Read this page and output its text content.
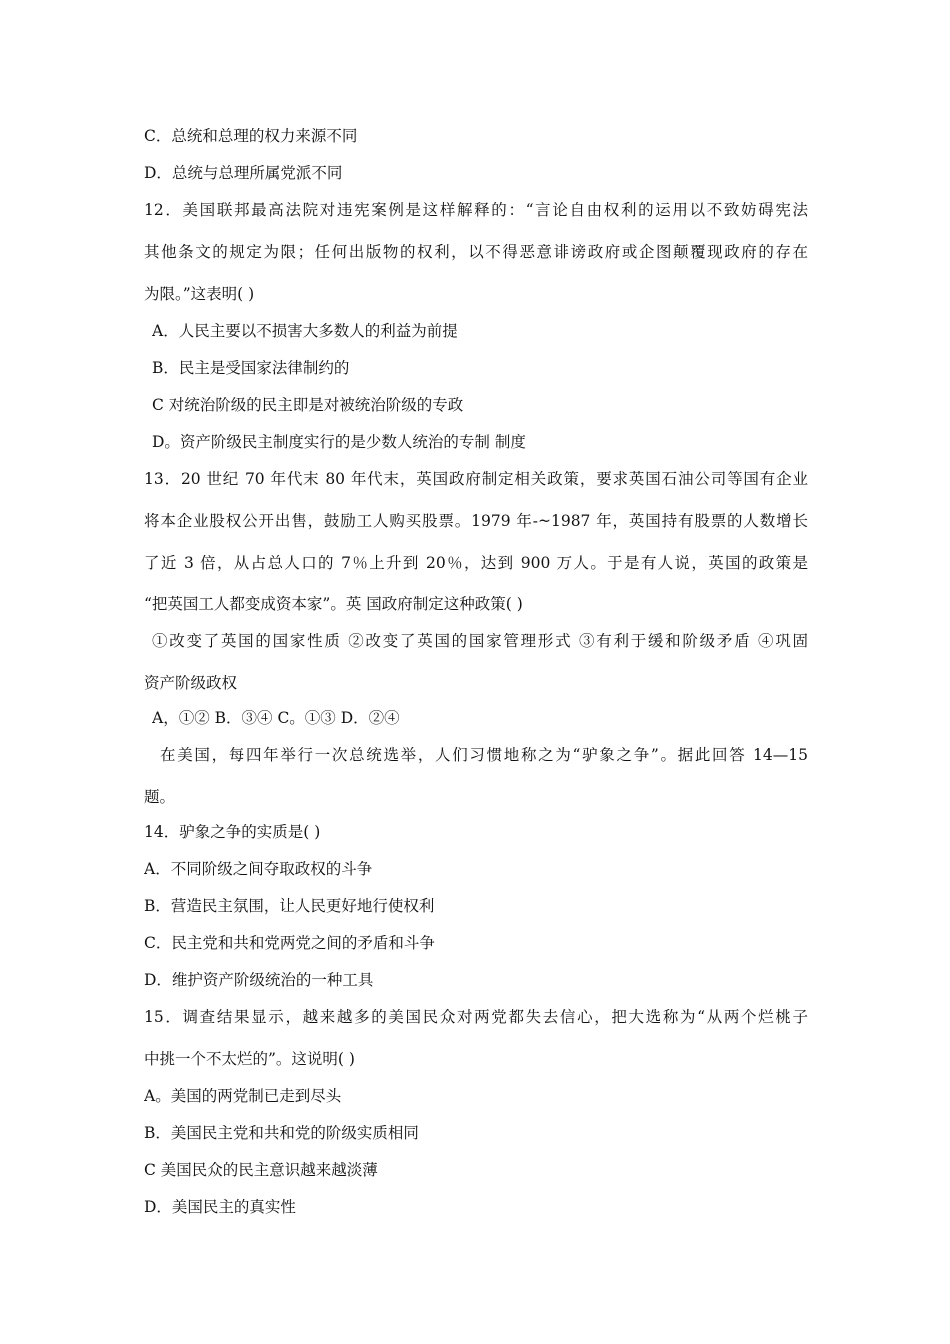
C．总统和总理的权力来源不同
D．总统与总理所属党派不同
12．美国联邦最高法院对违宪案例是这样解释的：“言论自由权利的运用以不致妨碍宪法
其他条文的规定为限；任何出版物的权利，以不得恶意诽谤政府或企图颠覆现政府的存在
为限。”这表明( )
A．人民主要以不损害大多数人的利益为前提
B．民主是受国家法律制约的
C 对统治阶级的民主即是对被统治阶级的专政
D。资产阶级民主制度实行的是少数人统治的专制 制度
13．20 世纪 70 年代末 80 年代末，英国政府制定相关政策，要求英国石油公司等国有企业
将本企业股权公开出售，鼓励工人购买股票。1979 年-~1987 年，英国持有股票的人数增长
了近 3 倍，从占总人口的 7％上升到 20％，达到 900 万人。于是有人说，英国的政策是
“把英国工人都变成资本家”。英 国政府制定这种政策( )
①改变了英国的国家性质 ②改变了英国的国家管理形式 ③有利于缓和阶级矛盾 ④巩固
资产阶级政权
A，①② B．③④ C。①③ D．②④
在美国，每四年举行一次总统选举，人们习惯地称之为“驴象之争”。据此回答 14—15
题。
14．驴象之争的实质是( )
A．不同阶级之间夺取政权的斗争
B．营造民主氛围，让人民更好地行使权利
C．民主党和共和党两党之间的矛盾和斗争
D．维护资产阶级统治的一种工具
15．调查结果显示，越来越多的美国民众对两党都失去信心，把大选称为“从两个烂桃子
中挑一个不太烂的”。这说明( )
A。美国的两党制已走到尽头
B．美国民主党和共和党的阶级实质相同
C 美国民众的民主意识越来越淡薄
D．美国民主的真实性
